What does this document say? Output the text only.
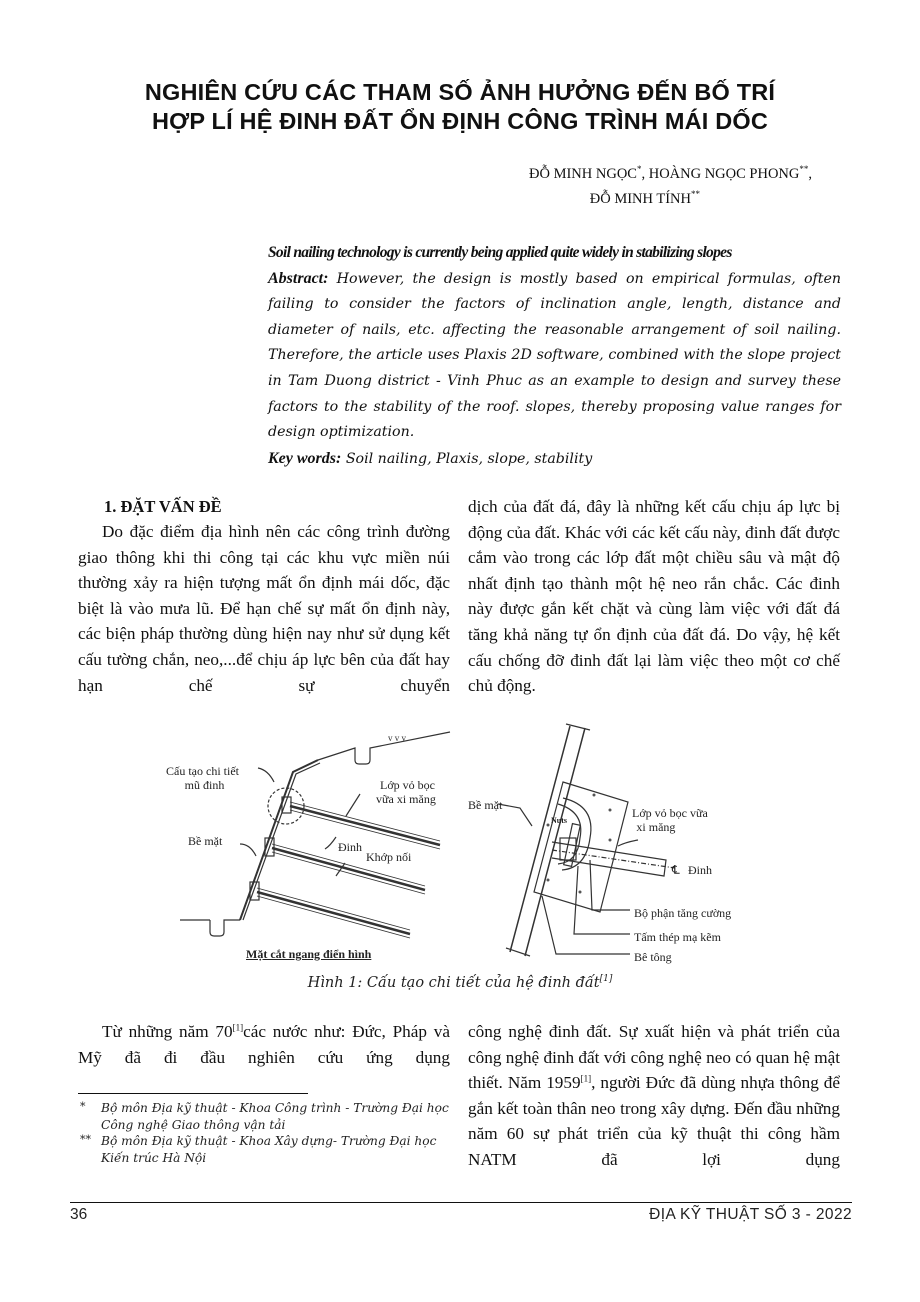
NGHIÊN CỨU CÁC THAM SỐ ẢNH HƯỞNG ĐẾN BỐ TRÍ
HỢP LÍ HỆ ĐINH ĐẤT ỔN ĐỊNH CÔNG TRÌNH MÁI DỐC
ĐỖ MINH NGỌC*, HOÀNG NGỌC PHONG**,
ĐỖ MINH TÍNH**
Soil nailing technology is currently being applied quite widely in stabilizing slopes
Abstract: However, the design is mostly based on empirical formulas, often failing to consider the factors of inclination angle, length, distance and diameter of nails, etc. affecting the reasonable arrangement of soil nailing. Therefore, the article uses Plaxis 2D software, combined with the slope project in Tam Duong district - Vinh Phuc as an example to design and survey these factors to the stability of the roof. slopes, thereby proposing value ranges for design optimization.
Key words: Soil nailing, Plaxis, slope, stability
1. ĐẶT VẤN ĐỀ

Do đặc điểm địa hình nên các công trình đường giao thông khi thi công tại các khu vực miền núi thường xảy ra hiện tượng mất ổn định mái dốc, đặc biệt là vào mưa lũ. Để hạn chế sự mất ổn định này, các biện pháp thường dùng hiện nay như sử dụng kết cấu tường chắn, neo,...để chịu áp lực bên của đất hay hạn chế sự chuyển

dịch của đất đá, đây là những kết cấu chịu áp lực bị động của đất. Khác với các kết cấu này, đinh đất được cắm vào trong các lớp đất một chiều sâu và mật độ nhất định tạo thành một hệ neo rắn chắc. Các đinh này được gắn kết chặt và cùng làm việc với đất đá tăng khả năng tự ổn định của đất đá. Do vậy, hệ kết cấu chống đỡ đinh đất lại làm việc theo một cơ chế chủ động.

v v v
Cấu tạo chi tiết
mũ đinh	Lớp vỏ bọc
vữa xi măng
Bề mặt	Đinh
Khớp nối
Mặt cắt ngang điển hình
Bề mặt
Nuts
Lớp vỏ bọc vữa
xi măng
℄ Đinh
Bộ phận tăng cường
Tấm thép mạ kẽm
Bê tông
Hình 1: Cấu tạo chi tiết của hệ đinh đất[1]

Từ những năm 70[1]các nước như: Đức, Pháp và Mỹ đã đi đầu nghiên cứu ứng dụng

công nghệ đinh đất. Sự xuất hiện và phát triển của công nghệ đinh đất với công nghệ neo có quan hệ mật thiết. Năm 1959[1], người Đức đã dùng nhựa thông để gắn kết toàn thân neo trong xây dựng. Đến đầu những năm 60 sự phát triển của kỹ thuật thi công hầm NATM đã lợi dụng

* Bộ môn Địa kỹ thuật - Khoa Công trình - Trường Đại học Công nghệ Giao thông vận tải
** Bộ môn Địa kỹ thuật - Khoa Xây dựng- Trường Đại học Kiến trúc Hà Nội
36	ĐỊA KỸ THUẬT SỐ 3 - 2022
